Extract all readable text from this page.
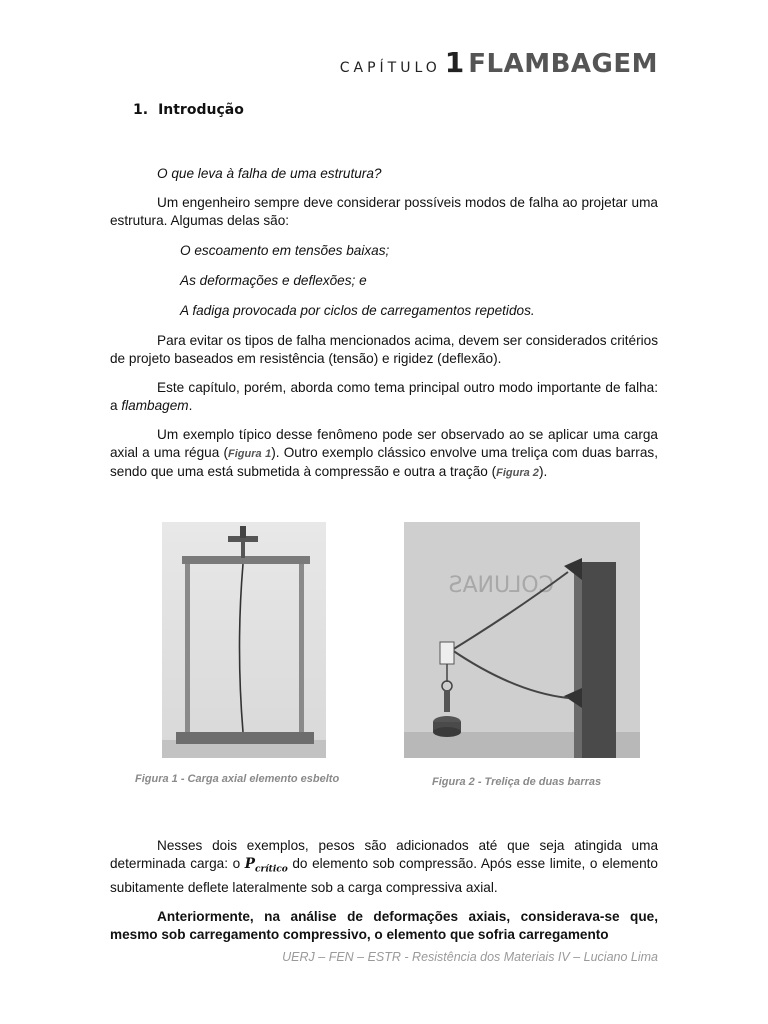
CAPÍTULO 1 FLAMBAGEM
1. Introdução

O que leva à falha de uma estrutura?

Um engenheiro sempre deve considerar possíveis modos de falha ao projetar uma estrutura. Algumas delas são:

O escoamento em tensões baixas;

As deformações e deflexões; e

A fadiga provocada por ciclos de carregamentos repetidos.

Para evitar os tipos de falha mencionados acima, devem ser considerados critérios de projeto baseados em resistência (tensão) e rigidez (deflexão).

Este capítulo, porém, aborda como tema principal outro modo importante de falha: a flambagem.

Um exemplo típico desse fenômeno pode ser observado ao se aplicar uma carga axial a uma régua (Figura 1). Outro exemplo clássico envolve uma treliça com duas barras, sendo que uma está submetida à compressão e outra a tração (Figura 2).

Figura 1 - Carga axial elemento esbelto
COLUNAS
Figura 2 - Treliça de duas barras

Nesses dois exemplos, pesos são adicionados até que seja atingida uma determinada carga: o $P_{crítico}$ do elemento sob compressão. Após esse limite, o elemento subitamente deflete lateralmente sob a carga compressiva axial.

Anteriormente, na análise de deformações axiais, considerava-se que, mesmo sob carregamento compressivo, o elemento que sofria carregamento

UERJ – FEN – ESTR - Resistência dos Materiais IV – Luciano Lima
